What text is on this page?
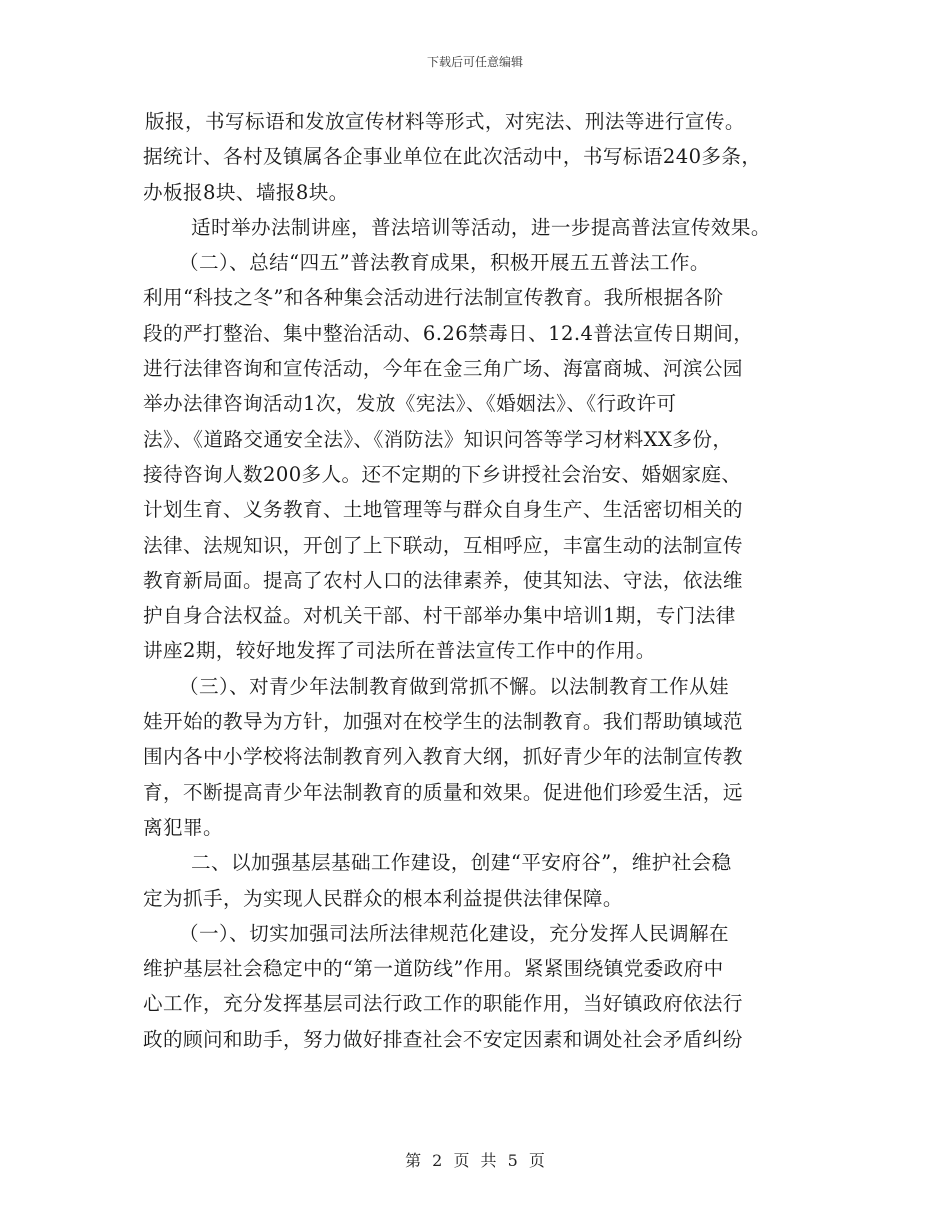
下载后可任意编辑
版报，书写标语和发放宣传材料等形式，对宪法、刑法等进行宣传。
据统计、各村及镇属各企事业单位在此次活动中，书写标语240多条，
办板报8块、墙报8块。
适时举办法制讲座，普法培训等活动，进一步提高普法宣传效果。
（二）、总结“四五”普法教育成果，积极开展五五普法工作。
利用“科技之冬”和各种集会活动进行法制宣传教育。我所根据各阶
段的严打整治、集中整治活动、6.26禁毒日、12.4普法宣传日期间，
进行法律咨询和宣传活动，今年在金三角广场、海富商城、河滨公园
举办法律咨询活动1次，发放《宪法》、《婚姻法》、《行政许可
法》、《道路交通安全法》、《消防法》知识问答等学习材料XX多份，
接待咨询人数200多人。还不定期的下乡讲授社会治安、婚姻家庭、
计划生育、义务教育、土地管理等与群众自身生产、生活密切相关的
法律、法规知识，开创了上下联动，互相呼应，丰富生动的法制宣传
教育新局面。提高了农村人口的法律素养，使其知法、守法，依法维
护自身合法权益。对机关干部、村干部举办集中培训1期，专门法律
讲座2期，较好地发挥了司法所在普法宣传工作中的作用。
（三）、对青少年法制教育做到常抓不懈。以法制教育工作从娃
娃开始的教导为方针，加强对在校学生的法制教育。我们帮助镇域范
围内各中小学校将法制教育列入教育大纲，抓好青少年的法制宣传教
育，不断提高青少年法制教育的质量和效果。促进他们珍爱生活，远
离犯罪。
二、以加强基层基础工作建设，创建“平安府谷”，维护社会稳
定为抓手，为实现人民群众的根本利益提供法律保障。
（一）、切实加强司法所法律规范化建设，充分发挥人民调解在
维护基层社会稳定中的“第一道防线”作用。紧紧围绕镇党委政府中
心工作，充分发挥基层司法行政工作的职能作用，当好镇政府依法行
政的顾问和助手，努力做好排查社会不安定因素和调处社会矛盾纠纷
第 2 页 共 5 页
